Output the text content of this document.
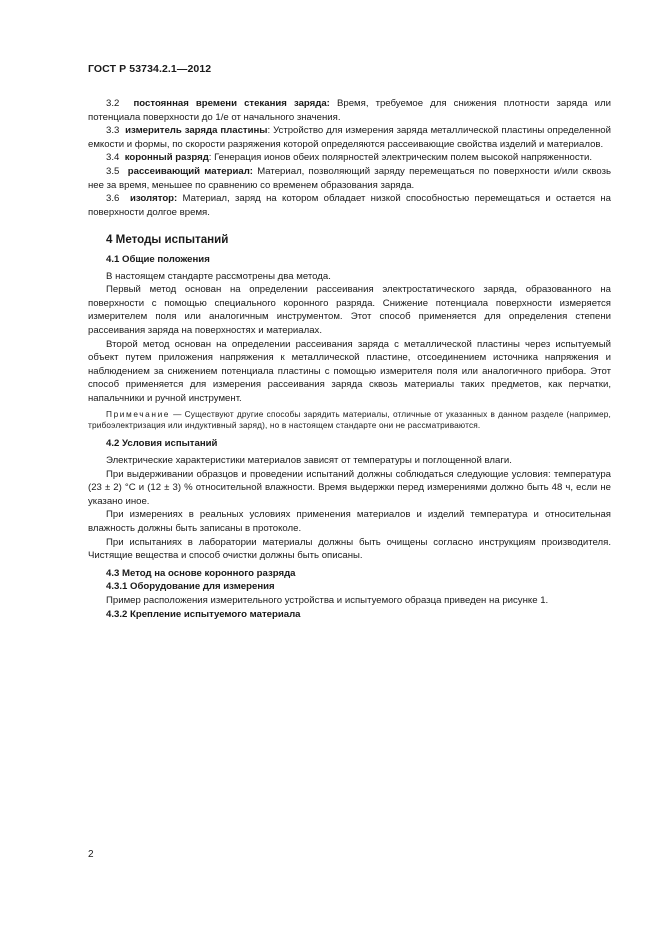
ГОСТ Р 53734.2.1—2012

3.2 постоянная времени стекания заряда: Время, требуемое для снижения плотности заряда или потенциала поверхности до 1/e от начального значения.

3.3 измеритель заряда пластины: Устройство для измерения заряда металлической пластины определенной емкости и формы, по скорости разряжения которой определяются рассеивающие свойства изделий и материалов.

3.4 коронный разряд: Генерация ионов обеих полярностей электрическим полем высокой напряженности.

3.5 рассеивающий материал: Материал, позволяющий заряду перемещаться по поверхности и/или сквозь нее за время, меньшее по сравнению со временем образования заряда.

3.6 изолятор: Материал, заряд на котором обладает низкой способностью перемещаться и остается на поверхности долгое время.

4 Методы испытаний
4.1 Общие положения

В настоящем стандарте рассмотрены два метода.

Первый метод основан на определении рассеивания электростатического заряда, образованного на поверхности с помощью специального коронного разряда. Снижение потенциала поверхности измеряется измерителем поля или аналогичным инструментом. Этот способ применяется для определения степени рассеивания заряда на поверхностях и материалах.

Второй метод основан на определении рассеивания заряда с металлической пластины через испытуемый объект путем приложения напряжения к металлической пластине, отсоединением источника напряжения и наблюдением за снижением потенциала пластины с помощью измерителя поля или аналогичного прибора. Этот способ применяется для измерения рассеивания заряда сквозь материалы таких предметов, как перчатки, напальчники и ручной инструмент.

Примечание — Существуют другие способы зарядить материалы, отличные от указанных в данном разделе (например, трибоэлектризация или индуктивный заряд), но в настоящем стандарте они не рассматриваются.
4.2 Условия испытаний

Электрические характеристики материалов зависят от температуры и поглощенной влаги.

При выдерживании образцов и проведении испытаний должны соблюдаться следующие условия: температура (23 ± 2) °С и (12 ± 3) % относительной влажности. Время выдержки перед измерениями должно быть 48 ч, если не указано иное.

При измерениях в реальных условиях применения материалов и изделий температура и относительная влажность должны быть записаны в протоколе.

При испытаниях в лаборатории материалы должны быть очищены согласно инструкциям производителя. Чистящие вещества и способ очистки должны быть описаны.

4.3 Метод на основе коронного разряда
4.3.1 Оборудование для измерения

Пример расположения измерительного устройства и испытуемого образца приведен на рисунке 1.

4.3.2 Крепление испытуемого материала
2
